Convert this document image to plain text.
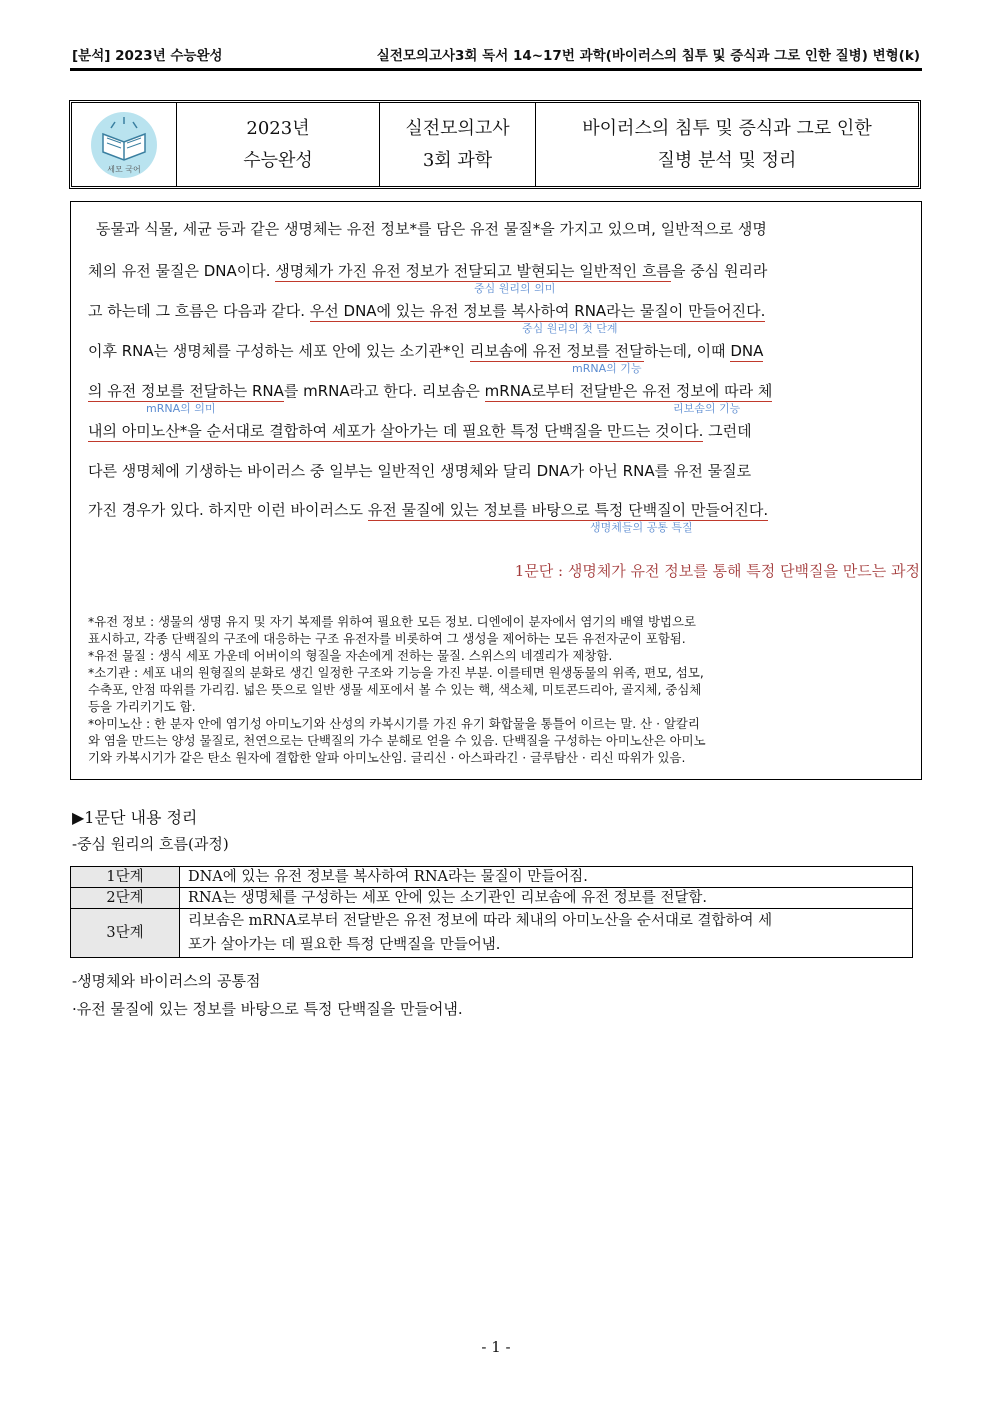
[분석] 2023년 수능완성	실전모의고사3회 독서 14~17번 과학(바이러스의 침투 및 증식과 그로 인한 질병) 변형(k)
세모 국어
2023년
수능완성
실전모의고사
3회 과학
바이러스의 침투 및 증식과 그로 인한
질병 분석 및 정리
동물과 식물, 세균 등과 같은 생명체는 유전 정보*를 담은 유전 물질*을 가지고 있으며, 일반적으로 생명
체의 유전 물질은 DNA이다. 생명체가 가진 유전 정보가 전달되고 발현되는 일반적인 흐름을 중심 원리라
중심 원리의 의미
고 하는데 그 흐름은 다음과 같다. 우선 DNA에 있는 유전 정보를 복사하여 RNA라는 물질이 만들어진다.
중심 원리의 첫 단계
이후 RNA는 생명체를 구성하는 세포 안에 있는 소기관*인 리보솜에 유전 정보를 전달하는데, 이때 DNA
mRNA의 기능
의 유전 정보를 전달하는 RNA를 mRNA라고 한다. 리보솜은 mRNA로부터 전달받은 유전 정보에 따라 체
mRNA의 의미	리보솜의 기능
내의 아미노산*을 순서대로 결합하여 세포가 살아가는 데 필요한 특정 단백질을 만드는 것이다. 그런데
다른 생명체에 기생하는 바이러스 중 일부는 일반적인 생명체와 달리 DNA가 아닌 RNA를 유전 물질로
가진 경우가 있다. 하지만 이런 바이러스도 유전 물질에 있는 정보를 바탕으로 특정 단백질이 만들어진다.
생명체들의 공통 특질
1문단 : 생명체가 유전 정보를 통해 특정 단백질을 만드는 과정
*유전 정보 : 생물의 생명 유지 및 자기 복제를 위하여 필요한 모든 정보. 디엔에이 분자에서 염기의 배열 방법으로
표시하고, 각종 단백질의 구조에 대응하는 구조 유전자를 비롯하여 그 생성을 제어하는 모든 유전자군이 포함됨.
*유전 물질 : 생식 세포 가운데 어버이의 형질을 자손에게 전하는 물질. 스위스의 네겔리가 제창함.
*소기관 : 세포 내의 원형질의 분화로 생긴 일정한 구조와 기능을 가진 부분. 이를테면 원생동물의 위족, 편모, 섬모,
수축포, 안점 따위를 가리킴. 넓은 뜻으로 일반 생물 세포에서 볼 수 있는 핵, 색소체, 미토콘드리아, 골지체, 중심체
등을 가리키기도 함.
*아미노산 : 한 분자 안에 염기성 아미노기와 산성의 카복시기를 가진 유기 화합물을 통틀어 이르는 말. 산 · 알칼리
와 염을 만드는 양성 물질로, 천연으로는 단백질의 가수 분해로 얻을 수 있음. 단백질을 구성하는 아미노산은 아미노
기와 카복시기가 같은 탄소 원자에 결합한 알파 아미노산임. 글리신 · 아스파라긴 · 글루탐산 · 리신 따위가 있음.
▶1문단 내용 정리
-중심 원리의 흐름(과정)
1단계	DNA에 있는 유전 정보를 복사하여 RNA라는 물질이 만들어짐.
2단계	RNA는 생명체를 구성하는 세포 안에 있는 소기관인 리보솜에 유전 정보를 전달함.
3단계	리보솜은 mRNA로부터 전달받은 유전 정보에 따라 체내의 아미노산을 순서대로 결합하여 세
포가 살아가는 데 필요한 특정 단백질을 만들어냄.
-생명체와 바이러스의 공통점
·유전 물질에 있는 정보를 바탕으로 특정 단백질을 만들어냄.
- 1 -
